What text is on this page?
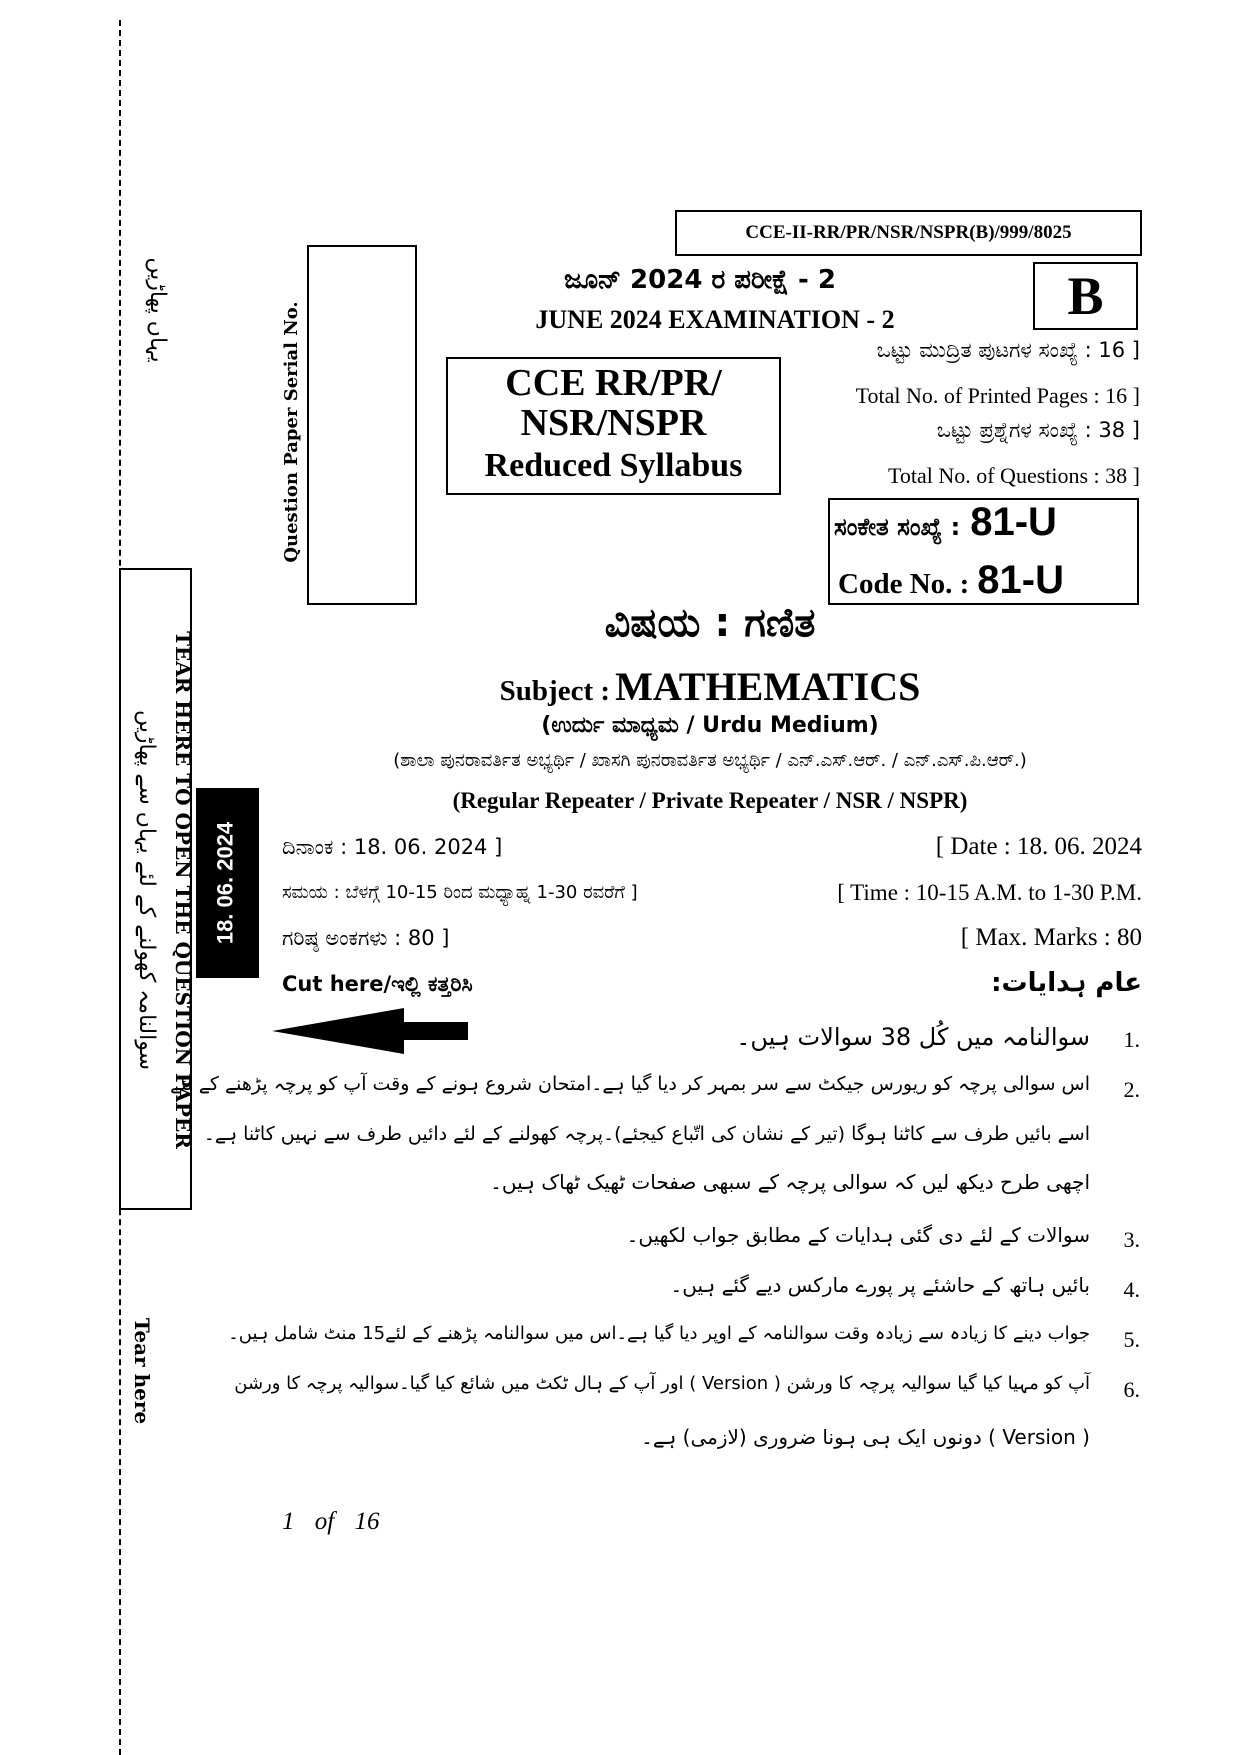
یہاں پھاڑیں
TEAR HERE TO OPEN THE QUESTION PAPER
سوالنامہ کھولنے کے لئے یہاں سے پھاڑیں 18. 06. 2024
Tear here
Question Paper Serial No.
CCE-II-RR/PR/NSR/NSPR(B)/999/8025
ಜೂನ್ 2024 ರ ಪರೀಕ್ಷೆ - 2
JUNE 2024 EXAMINATION - 2	B
CCE RR/PR/
NSR/NSPR
Reduced Syllabus
ಒಟ್ಟು ಮುದ್ರಿತ ಪುಟಗಳ ಸಂಖ್ಯೆ : 16 ]
Total No. of Printed Pages : 16 ]
ಒಟ್ಟು ಪ್ರಶ್ನೆಗಳ ಸಂಖ್ಯೆ : 38 ]
Total No. of Questions : 38 ]
ಸಂಕೇತ ಸಂಖ್ಯೆ : 81-U
Code No. : 81-U
ವಿಷಯ : ಗಣಿತ
Subject : MATHEMATICS
(ಉರ್ದು ಮಾಧ್ಯಮ / Urdu Medium)
(ಶಾಲಾ ಪುನರಾವರ್ತಿತ ಅಭ್ಯರ್ಥಿ / ಖಾಸಗಿ ಪುನರಾವರ್ತಿತ ಅಭ್ಯರ್ಥಿ / ಎನ್.ಎಸ್.ಆರ್. / ಎನ್.ಎಸ್.ಪಿ.ಆರ್.)
(Regular Repeater / Private Repeater / NSR / NSPR)
ದಿನಾಂಕ : 18. 06. 2024 ]	[ Date : 18. 06. 2024
ಸಮಯ : ಬೆಳಗ್ಗೆ 10-15 ರಿಂದ ಮಧ್ಯಾಹ್ನ 1-30 ರವರೆಗೆ ]	[ Time : 10-15 A.M. to 1-30 P.M.
ಗರಿಷ್ಠ ಅಂಕಗಳು : 80 ]	[ Max. Marks : 80
Cut here/ಇಲ್ಲಿ ಕತ್ತರಿಸಿ	عام ہدایات:
1.
سوالنامہ میں کُل 38 سوالات ہیں۔
2.
اس سوالی پرچہ کو ریورس جیکٹ سے سر بمہر کر دیا گیا ہے۔امتحان شروع ہونے کے وقت آپ کو پرچہ پڑھنے کے لئے
اسے بائیں طرف سے کاٹنا ہوگا (تیر کے نشان کی اتّباع کیجئے)۔پرچہ کھولنے کے لئے دائیں طرف سے نہیں کاٹنا ہے۔
اچھی طرح دیکھ لیں کہ سوالی پرچہ کے سبھی صفحات ٹھیک ٹھاک ہیں۔
3.
سوالات کے لئے دی گئی ہدایات کے مطابق جواب لکھیں۔
4.
بائیں ہاتھ کے حاشئے پر پورے مارکس دیے گئے ہیں۔
5.
جواب دینے کا زیادہ سے زیادہ وقت سوالنامہ کے اوپر دیا گیا ہے۔اس میں سوالنامہ پڑھنے کے لئے15 منٹ شامل ہیں۔
6.
آپ کو مہیا کیا گیا سوالیہ پرچہ کا ورشن ( Version ) اور آپ کے ہال ٹکٹ میں شائع کیا گیا۔سوالیہ پرچہ کا ورشن
( Version ) دونوں ایک ہی ہونا ضروری (لازمی) ہے۔
1 of 16
